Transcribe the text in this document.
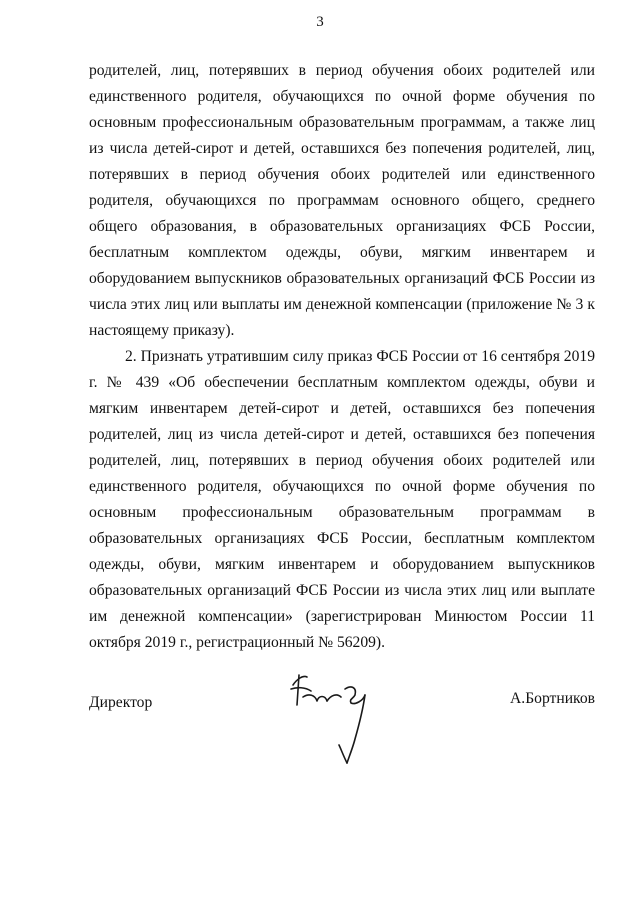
3

родителей, лиц, потерявших в период обучения обоих родителей или единственного родителя, обучающихся по очной форме обучения по основным профессиональным образовательным программам, а также лиц из числа детей-сирот и детей, оставшихся без попечения родителей, лиц, потерявших в период обучения обоих родителей или единственного родителя, обучающихся по программам основного общего, среднего общего образования, в образовательных организациях ФСБ России, бесплатным комплектом одежды, обуви, мягким инвентарем и оборудованием выпускников образовательных организаций ФСБ России из числа этих лиц или выплаты им денежной компенсации (приложение № 3 к настоящему приказу).

2. Признать утратившим силу приказ ФСБ России от 16 сентября 2019 г. № 439 «Об обеспечении бесплатным комплектом одежды, обуви и мягким инвентарем детей-сирот и детей, оставшихся без попечения родителей, лиц из числа детей-сирот и детей, оставшихся без попечения родителей, лиц, потерявших в период обучения обоих родителей или единственного родителя, обучающихся по очной форме обучения по основным профессиональным образовательным программам в образовательных организациях ФСБ России, бесплатным комплектом одежды, обуви, мягким инвентарем и оборудованием выпускников образовательных организаций ФСБ России из числа этих лиц или выплате им денежной компенсации» (зарегистрирован Минюстом России 11 октября 2019 г., регистрационный № 56209).

Директор	А.Бортников
